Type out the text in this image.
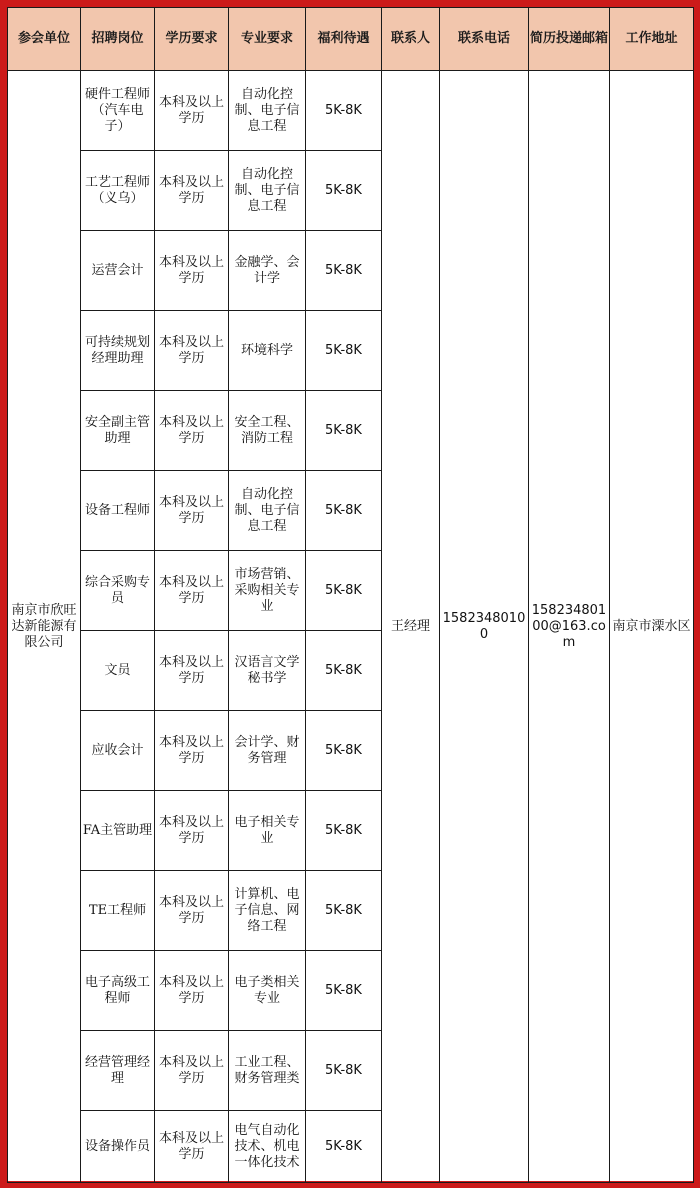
参会单位	招聘岗位	学历要求	专业要求	福利待遇	联系人	联系电话	简历投递邮箱	工作地址
南京市欣旺达新能源有限公司	硬件工程师（汽车电子）	本科及以上学历	自动化控制、电子信息工程	5K-8K	王经理	15823480100	15823480100@163.com	南京市溧水区
	工艺工程师（义乌）	本科及以上学历	自动化控制、电子信息工程	5K-8K				
	运营会计	本科及以上学历	金融学、会计学	5K-8K				
	可持续规划经理助理	本科及以上学历	环境科学	5K-8K				
	安全副主管助理	本科及以上学历	安全工程、消防工程	5K-8K				
	设备工程师	本科及以上学历	自动化控制、电子信息工程	5K-8K				
	综合采购专员	本科及以上学历	市场营销、采购相关专业	5K-8K				
	文员	本科及以上学历	汉语言文学秘书学	5K-8K				
	应收会计	本科及以上学历	会计学、财务管理	5K-8K				
	FA主管助理	本科及以上学历	电子相关专业	5K-8K				
	TE工程师	本科及以上学历	计算机、电子信息、网络工程	5K-8K				
	电子高级工程师	本科及以上学历	电子类相关专业	5K-8K				
	经营管理经理	本科及以上学历	工业工程、财务管理类	5K-8K				
	设备操作员	本科及以上学历	电气自动化技术、机电一体化技术	5K-8K				
